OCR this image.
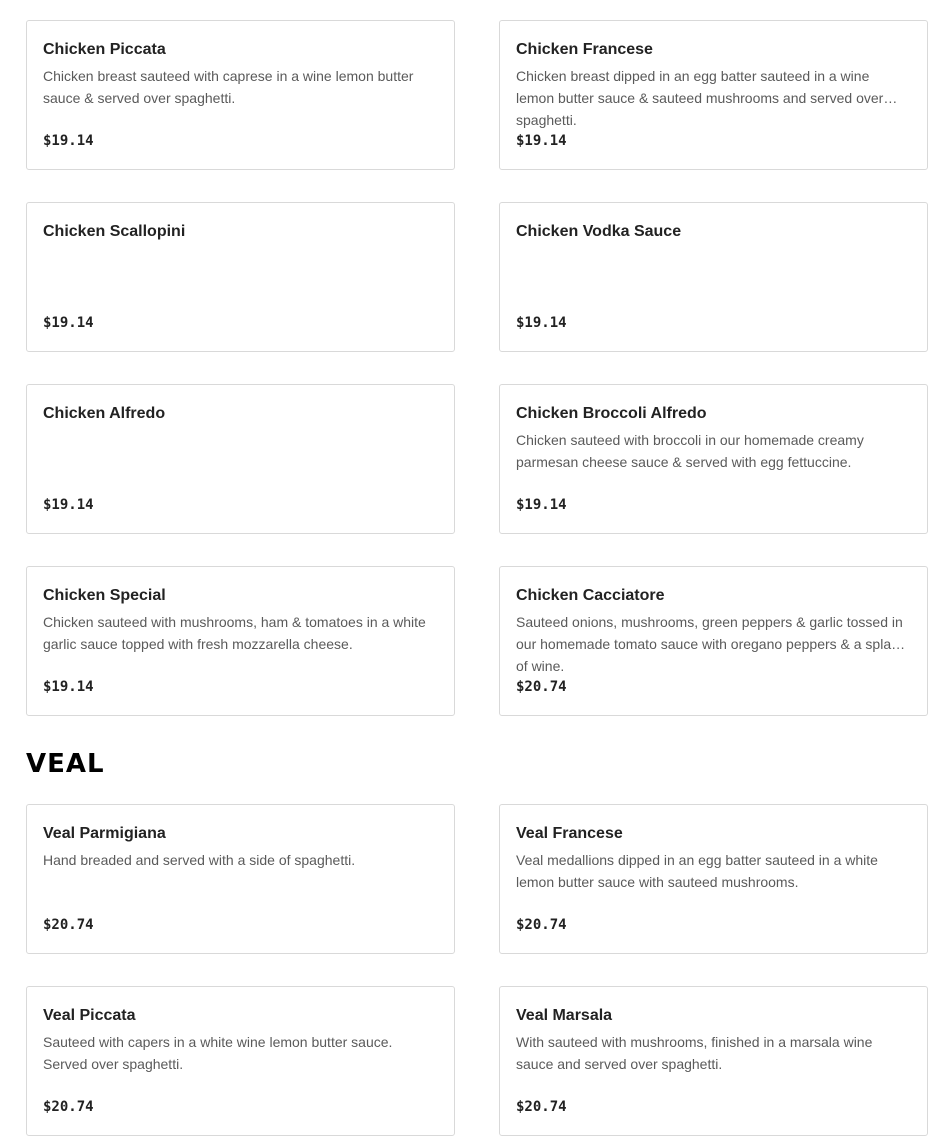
Chicken Piccata
Chicken breast sauteed with caprese in a wine lemon butter sauce & served over spaghetti.
$19.14
Chicken Francese
Chicken breast dipped in an egg batter sauteed in a wine lemon butter sauce & sauteed mushrooms and served over spaghetti.
$19.14
Chicken Scallopini
$19.14
Chicken Vodka Sauce
$19.14
Chicken Alfredo
$19.14
Chicken Broccoli Alfredo
Chicken sauteed with broccoli in our homemade creamy parmesan cheese sauce & served with egg fettuccine.
$19.14
Chicken Special
Chicken sauteed with mushrooms, ham & tomatoes in a white garlic sauce topped with fresh mozzarella cheese.
$19.14
Chicken Cacciatore
Sauteed onions, mushrooms, green peppers & garlic tossed in our homemade tomato sauce with oregano peppers & a splash of wine.
$20.74
VEAL
Veal Parmigiana
Hand breaded and served with a side of spaghetti.
$20.74
Veal Francese
Veal medallions dipped in an egg batter sauteed in a white lemon butter sauce with sauteed mushrooms.
$20.74
Veal Piccata
Sauteed with capers in a white wine lemon butter sauce. Served over spaghetti.
$20.74
Veal Marsala
With sauteed with mushrooms, finished in a marsala wine sauce and served over spaghetti.
$20.74
